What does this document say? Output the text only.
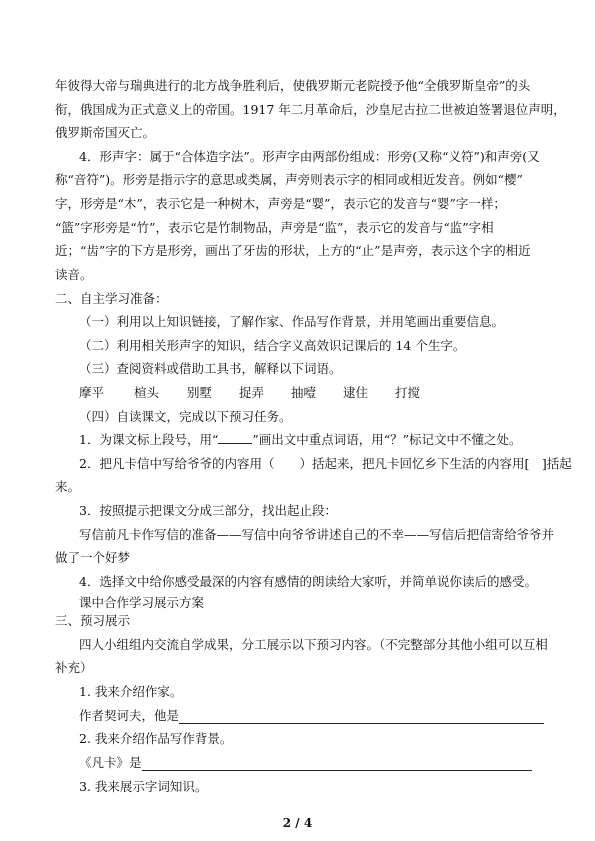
年彼得大帝与瑞典进行的北方战争胜利后，使俄罗斯元老院授予他“全俄罗斯皇帝”的头
衔，俄国成为正式意义上的帝国。1917 年二月革命后，沙皇尼古拉二世被迫签署退位声明，
俄罗斯帝国灭亡。
4．形声字：属于“合体造字法”。形声字由两部份组成：形旁(又称“义符”)和声旁(又
称“音符”)。形旁是指示字的意思或类属，声旁则表示字的相同或相近发音。例如“樱”
字，形旁是“木”，表示它是一种树木，声旁是“婴”，表示它的发音与“婴”字一样；
“篮”字形旁是“竹”，表示它是竹制物品，声旁是“监”，表示它的发音与“监”字相
近；“齿”字的下方是形旁，画出了牙齿的形状，上方的“止”是声旁，表示这个字的相近
读音。
二、自主学习准备：
（一）利用以上知识链接，了解作家、作品写作背景，并用笔画出重要信息。
（二）利用相关形声字的知识，结合字义高效识记课后的 14 个生字。
（三）查阅资料或借助工具书，解释以下词语。
摩平 楦头 别墅 捉弄 抽噎 逮住 打搅
（四）自读课文，完成以下预习任务。
1．为课文标上段号，用“	”画出文中重点词语，用“？”标记文中不懂之处。
2．把凡卡信中写给爷爷的内容用（　　）括起来，把凡卡回忆乡下生活的内容用[　]括起
来。
3．按照提示把课文分成三部分，找出起止段：
写信前凡卡作写信的准备——写信中向爷爷讲述自己的不幸——写信后把信寄给爷爷并
做了一个好梦
4．选择文中给你感受最深的内容有感情的朗读给大家听，并简单说你读后的感受。
课中合作学习展示方案
三、预习展示
四人小组组内交流自学成果，分工展示以下预习内容。（不完整部分其他小组可以互相
补充）
1. 我来介绍作家。
作者契诃夫，他是
2. 我来介绍作品写作背景。
《凡卡》是
3. 我来展示字词知识。
2 / 4
